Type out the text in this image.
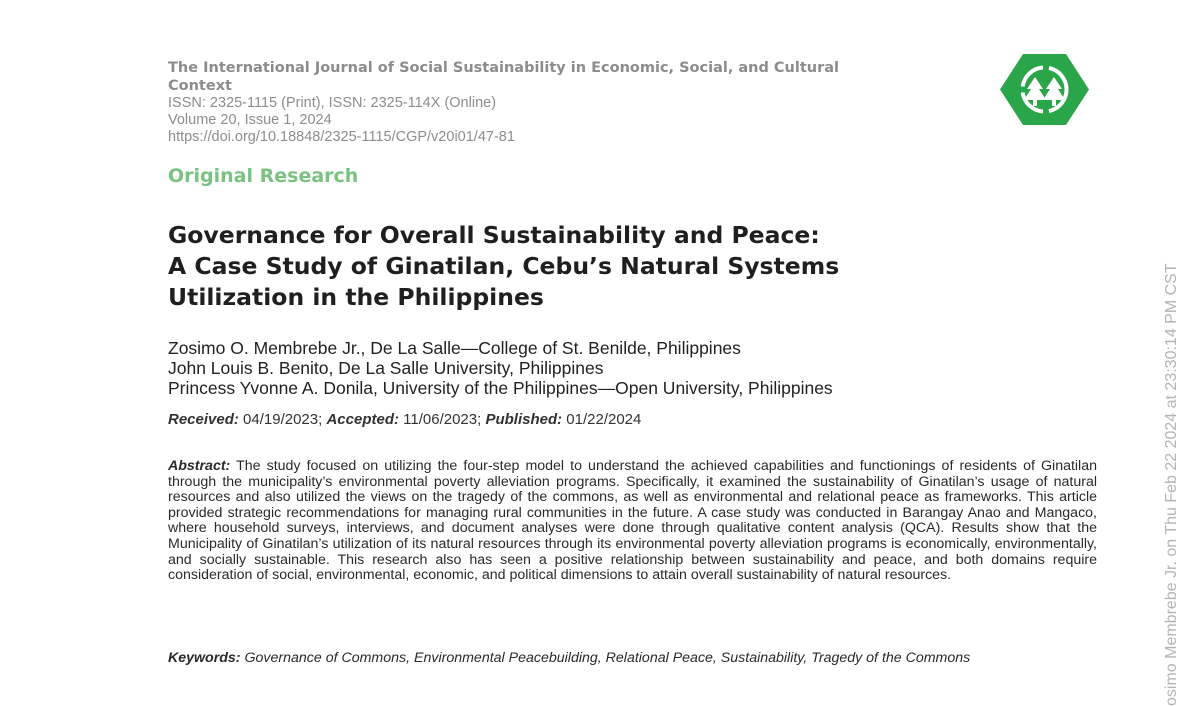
The International Journal of Social Sustainability in Economic, Social, and Cultural Context
ISSN: 2325-1115 (Print), ISSN: 2325-114X (Online)
Volume 20, Issue 1, 2024
https://doi.org/10.18848/2325-1115/CGP/v20i01/47-81
Original Research
Governance for Overall Sustainability and Peace:
A Case Study of Ginatilan, Cebu’s Natural Systems
Utilization in the Philippines
Zosimo O. Membrebe Jr., De La Salle—College of St. Benilde, Philippines
John Louis B. Benito, De La Salle University, Philippines
Princess Yvonne A. Donila, University of the Philippines—Open University, Philippines
Received: 04/19/2023; Accepted: 11/06/2023; Published: 01/22/2024
Abstract: The study focused on utilizing the four-step model to understand the achieved capabilities and functionings of residents of Ginatilan through the municipality’s environmental poverty alleviation programs. Specifically, it examined the sustainability of Ginatilan’s usage of natural resources and also utilized the views on the tragedy of the commons, as well as environmental and relational peace as frameworks. This article provided strategic recommendations for managing rural communities in the future. A case study was conducted in Barangay Anao and Mangaco, where household surveys, interviews, and document analyses were done through qualitative content analysis (QCA). Results show that the Municipality of Ginatilan’s utilization of its natural resources through its environmental poverty alleviation programs is economically, environmentally, and socially sustainable. This research also has seen a positive relationship between sustainability and peace, and both domains require consideration of social, environmental, economic, and political dimensions to attain overall sustainability of natural resources.
Keywords: Governance of Commons, Environmental Peacebuilding, Relational Peace, Sustainability, Tragedy of the Commons	osimo Membrebe Jr. on Thu Feb 22 2024 at 23:30:14 PM CST
